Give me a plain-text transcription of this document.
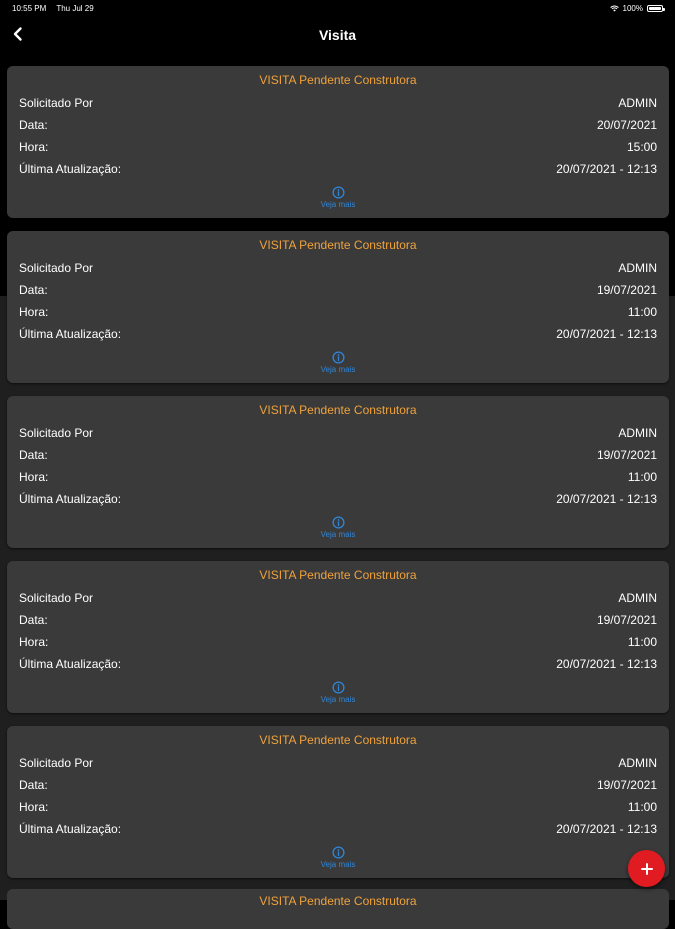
10:55 PM Thu Jul 29	100%
Visita
VISITA Pendente Construtora
Solicitado Por	ADMIN
Data:	20/07/2021
Hora:	15:00
Última Atualização:	20/07/2021 - 12:13
Veja mais
VISITA Pendente Construtora
Solicitado Por	ADMIN
Data:	19/07/2021
Hora:	11:00
Última Atualização:	20/07/2021 - 12:13
Veja mais
VISITA Pendente Construtora
Solicitado Por	ADMIN
Data:	19/07/2021
Hora:	11:00
Última Atualização:	20/07/2021 - 12:13
Veja mais
VISITA Pendente Construtora
Solicitado Por	ADMIN
Data:	19/07/2021
Hora:	11:00
Última Atualização:	20/07/2021 - 12:13
Veja mais
VISITA Pendente Construtora
Solicitado Por	ADMIN
Data:	19/07/2021
Hora:	11:00
Última Atualização:	20/07/2021 - 12:13
Veja mais
VISITA Pendente Construtora
